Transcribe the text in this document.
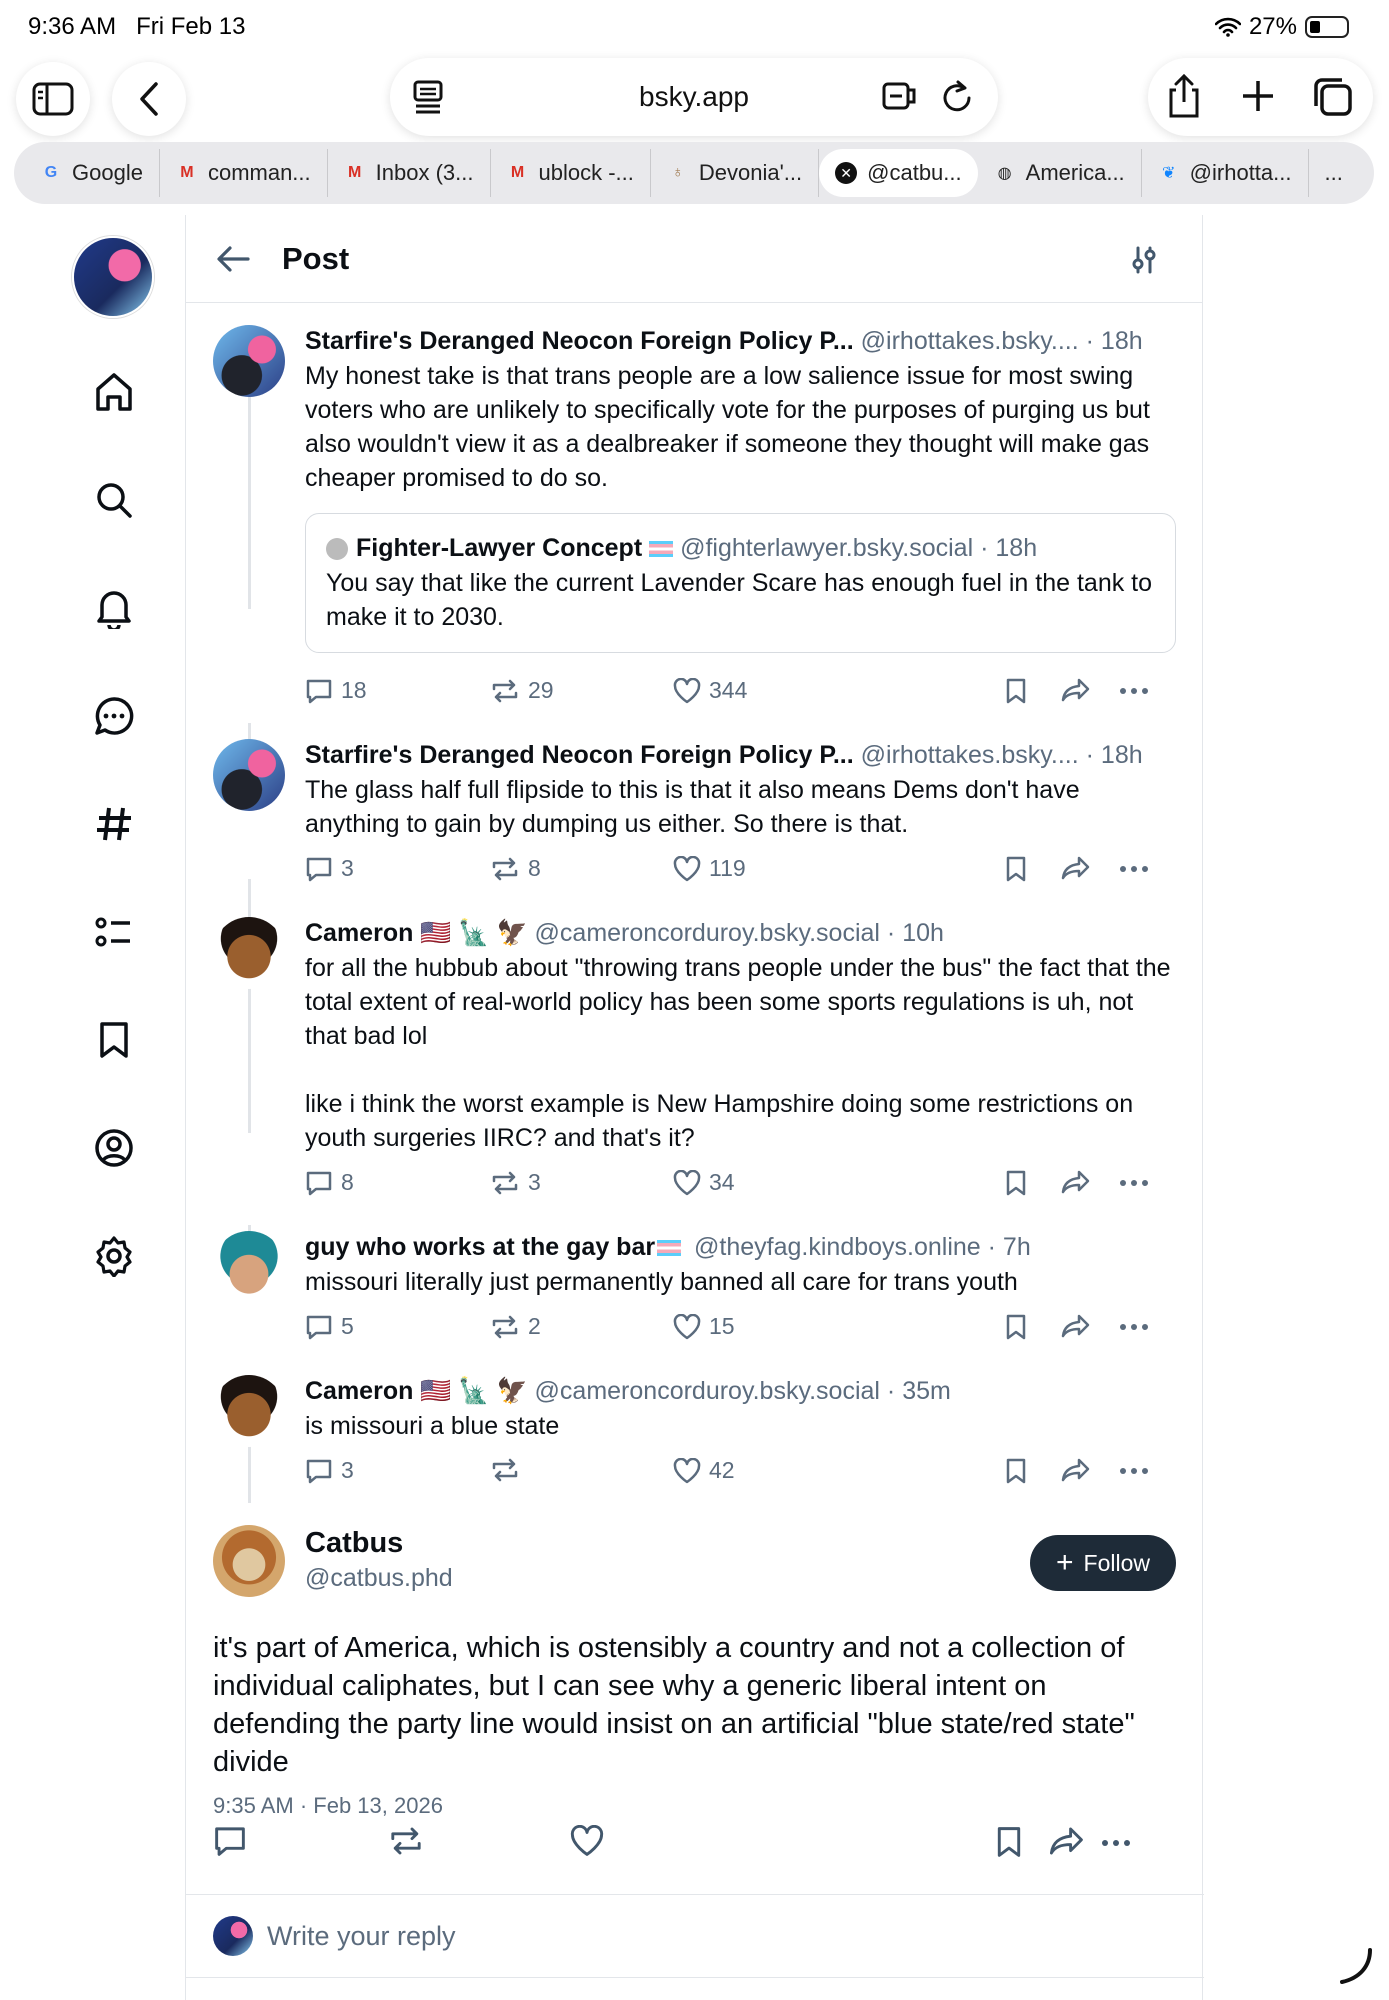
9:36 AM Fri Feb 13	27%
bsky.app
G Google M comman... M Inbox (3... M ublock -...	♁ Devonia'...	✕ @catbu... ◍ America... ❦ @irhotta... ...
Post
Starfire's Deranged Neocon Foreign Policy P... @irhottakes.bsky.... · 18h
My honest take is that trans people are a low salience issue for most swing voters who are unlikely to specifically vote for the purposes of purging us but also wouldn't view it as a dealbreaker if someone they thought will make gas cheaper promised to do so.
Fighter-Lawyer Concept @fighterlawyer.bsky.social · 18h
You say that like the current Lavender Scare has enough fuel in the tank to make it to 2030.
18	29	344
Starfire's Deranged Neocon Foreign Policy P... @irhottakes.bsky.... · 18h
The glass half full flipside to this is that it also means Dems don't have anything to gain by dumping us either. So there is that.
3	8	119
Cameron 🇺🇸 🗽 🦅 @cameroncorduroy.bsky.social · 10h
for all the hubbub about "throwing trans people under the bus" the fact that the total extent of real-world policy has been some sports regulations is uh, not that bad lol
like i think the worst example is New Hampshire doing some restrictions on youth surgeries IIRC? and that's it?
8	3	34
guy who works at the gay bar @theyfag.kindboys.online · 7h
missouri literally just permanently banned all care for trans youth
5	2	15
Cameron 🇺🇸 🗽 🦅 @cameroncorduroy.bsky.social · 35m
is missouri a blue state
3	42
Catbus
@catbus.phd	+ Follow
it's part of America, which is ostensibly a country and not a collection of individual caliphates, but I can see why a generic liberal intent on defending the party line would insist on an artificial "blue state/red state" divide
9:35 AM · Feb 13, 2026
Write your reply
